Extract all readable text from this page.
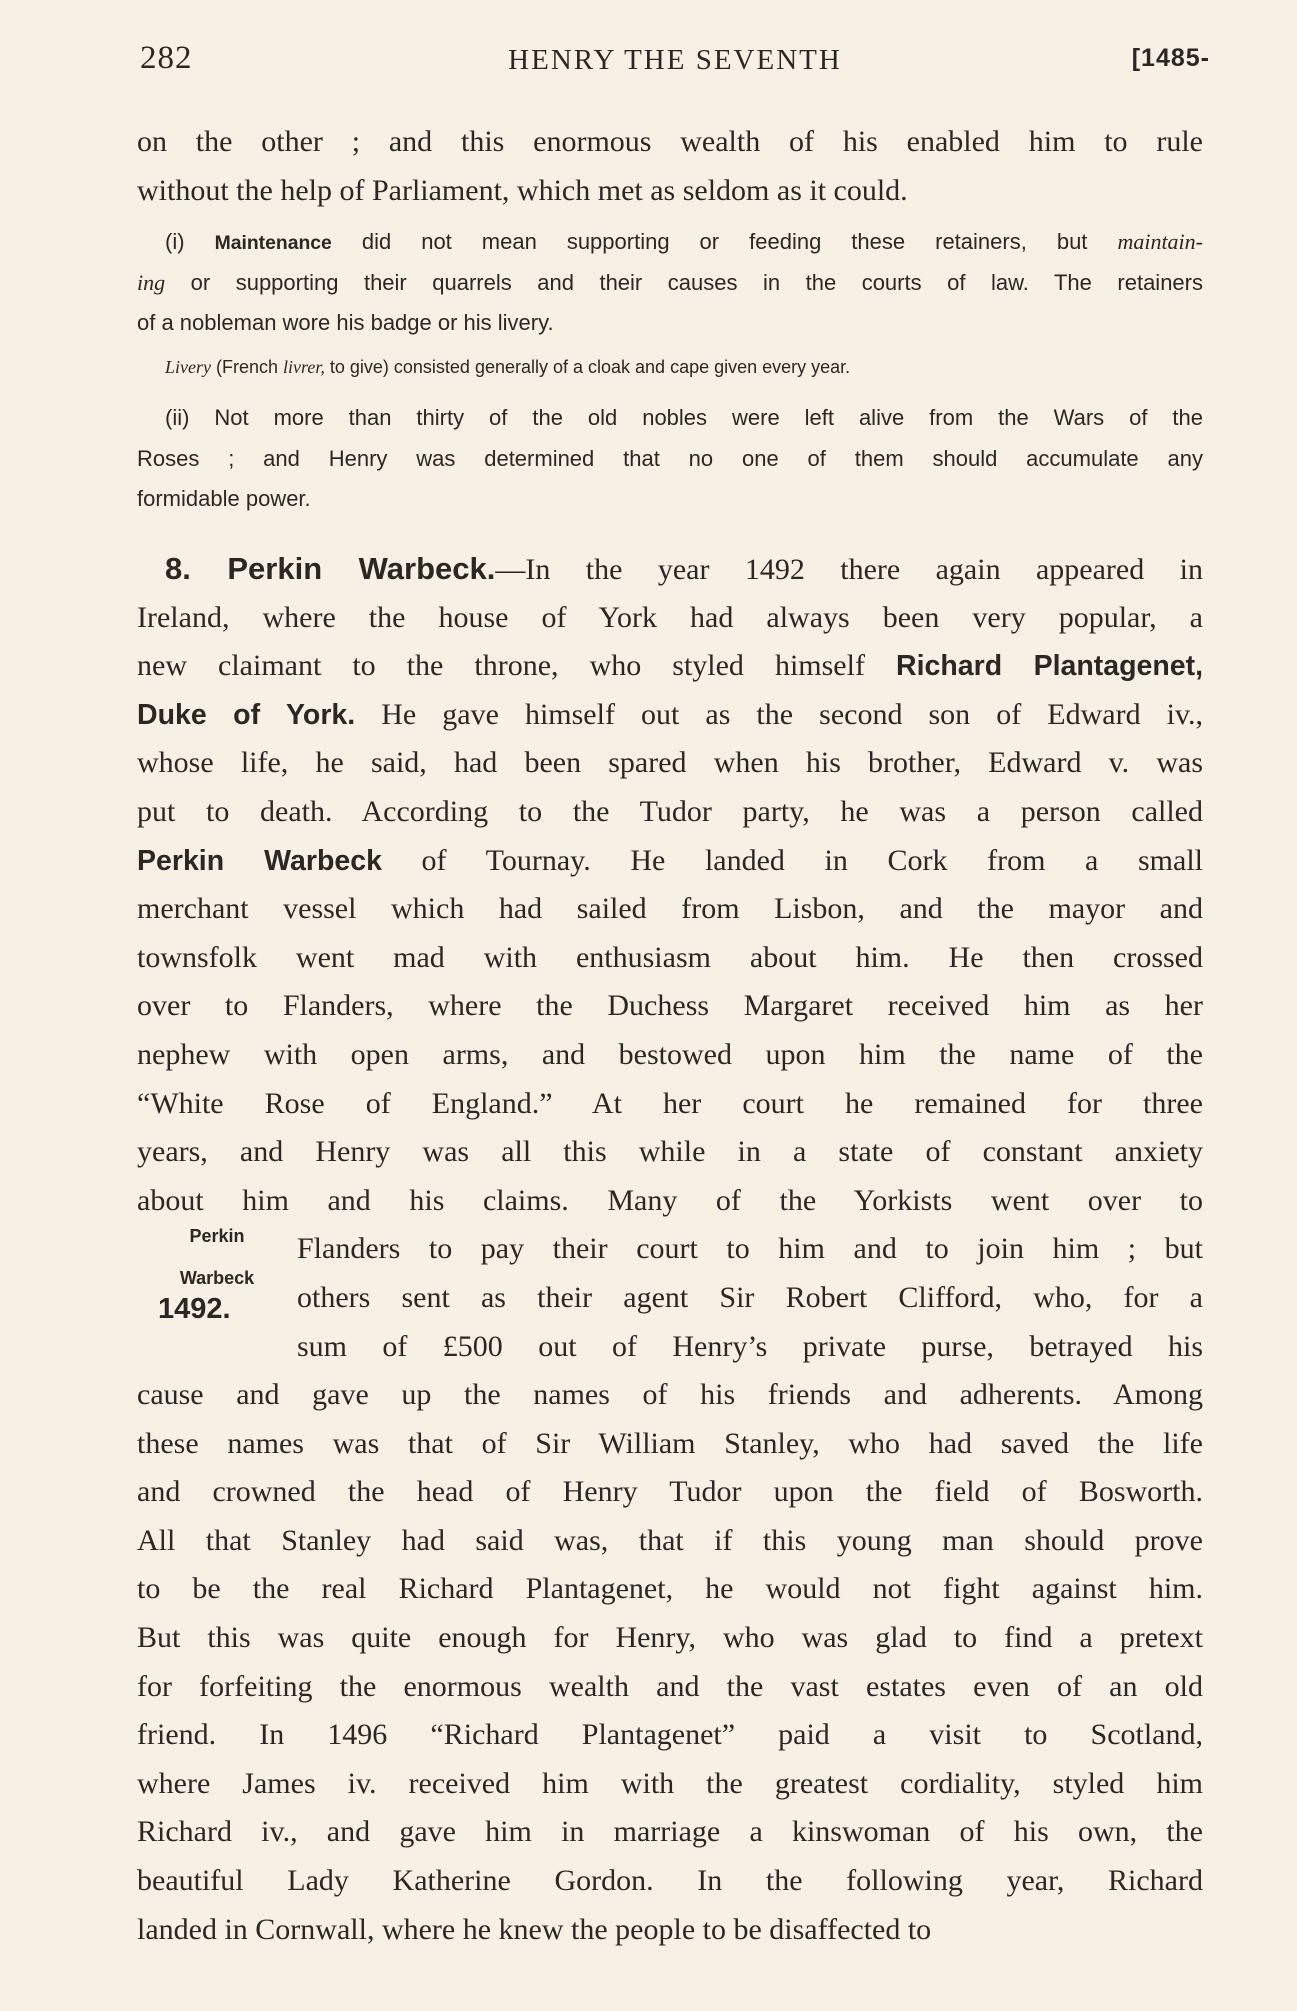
282	HENRY THE SEVENTH	[1485-
on the other ; and this enormous wealth of his enabled him to rule
without the help of Parliament, which met as seldom as it could.
(i) Maintenance did not mean supporting or feeding these retainers, but maintain-
ing or supporting their quarrels and their causes in the courts of law. The retainers
of a nobleman wore his badge or his livery.
Livery (French livrer, to give) consisted generally of a cloak and cape given every year.
(ii) Not more than thirty of the old nobles were left alive from the Wars of the
Roses ; and Henry was determined that no one of them should accumulate any
formidable power.
8. Perkin Warbeck.—In the year 1492 there again appeared in
Ireland, where the house of York had always been very popular, a
new claimant to the throne, who styled himself Richard Plantagenet,
Duke of York. He gave himself out as the second son of Edward iv.,
whose life, he said, had been spared when his brother, Edward v. was
put to death. According to the Tudor party, he was a person called
Perkin Warbeck of Tournay. He landed in Cork from a small
merchant vessel which had sailed from Lisbon, and the mayor and
townsfolk went mad with enthusiasm about him. He then crossed
over to Flanders, where the Duchess Margaret received him as her
nephew with open arms, and bestowed upon him the name of the
“White Rose of England.” At her court he remained for three
years, and Henry was all this while in a state of constant anxiety
about him and his claims. Many of the Yorkists went over to
Flanders to pay their court to him and to join him ; but
others sent as their agent Sir Robert Clifford, who, for a
sum of £500 out of Henry’s private purse, betrayed his
cause and gave up the names of his friends and adherents. Among
these names was that of Sir William Stanley, who had saved the life
and crowned the head of Henry Tudor upon the field of Bosworth.
All that Stanley had said was, that if this young man should prove
to be the real Richard Plantagenet, he would not fight against him.
But this was quite enough for Henry, who was glad to find a pretext
for forfeiting the enormous wealth and the vast estates even of an old
friend. In 1496 “Richard Plantagenet” paid a visit to Scotland,
where James iv. received him with the greatest cordiality, styled him
Richard iv., and gave him in marriage a kinswoman of his own, the
beautiful Lady Katherine Gordon. In the following year, Richard
landed in Cornwall, where he knew the people to be disaffected to
Perkin
Warbeck
1492.
